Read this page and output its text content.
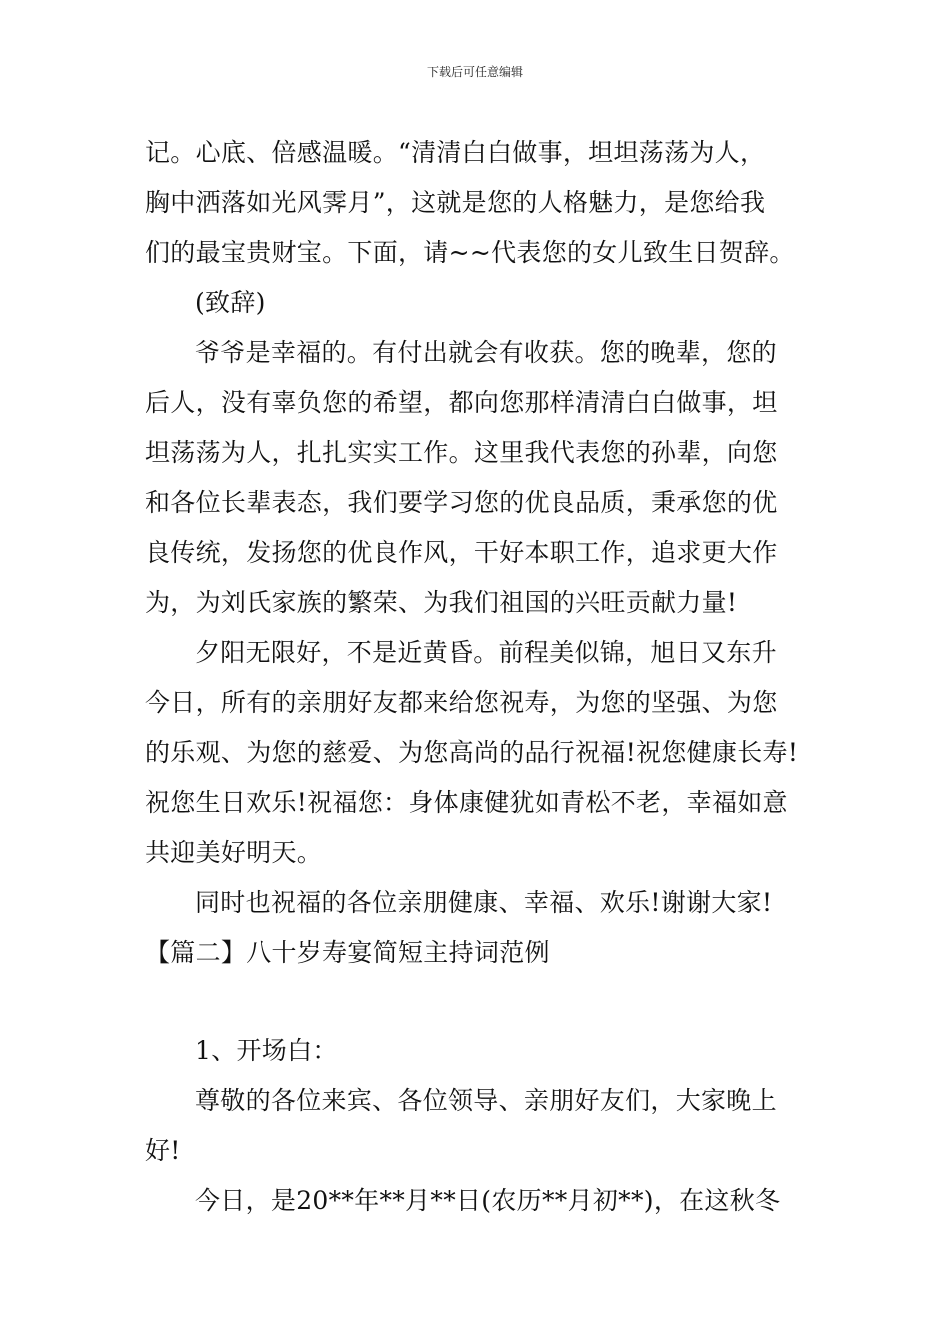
下载后可任意编辑
记。心底、倍感温暖。“清清白白做事，坦坦荡荡为人，
胸中洒落如光风霁月”，这就是您的人格魅力，是您给我
们的最宝贵财宝。下面，请~~代表您的女儿致生日贺辞。
(致辞)
爷爷是幸福的。有付出就会有收获。您的晚辈，您的
后人，没有辜负您的希望，都向您那样清清白白做事，坦
坦荡荡为人，扎扎实实工作。这里我代表您的孙辈，向您
和各位长辈表态，我们要学习您的优良品质，秉承您的优
良传统，发扬您的优良作风，干好本职工作，追求更大作
为，为刘氏家族的繁荣、为我们祖国的兴旺贡献力量!
夕阳无限好，不是近黄昏。前程美似锦，旭日又东升
今日，所有的亲朋好友都来给您祝寿，为您的坚强、为您
的乐观、为您的慈爱、为您高尚的品行祝福!祝您健康长寿!
祝您生日欢乐!祝福您：身体康健犹如青松不老，幸福如意
共迎美好明天。
同时也祝福的各位亲朋健康、幸福、欢乐!谢谢大家!
【篇二】八十岁寿宴简短主持词范例
1、开场白：
尊敬的各位来宾、各位领导、亲朋好友们，大家晚上
好!
今日，是20**年**月**日(农历**月初**)，在这秋冬
